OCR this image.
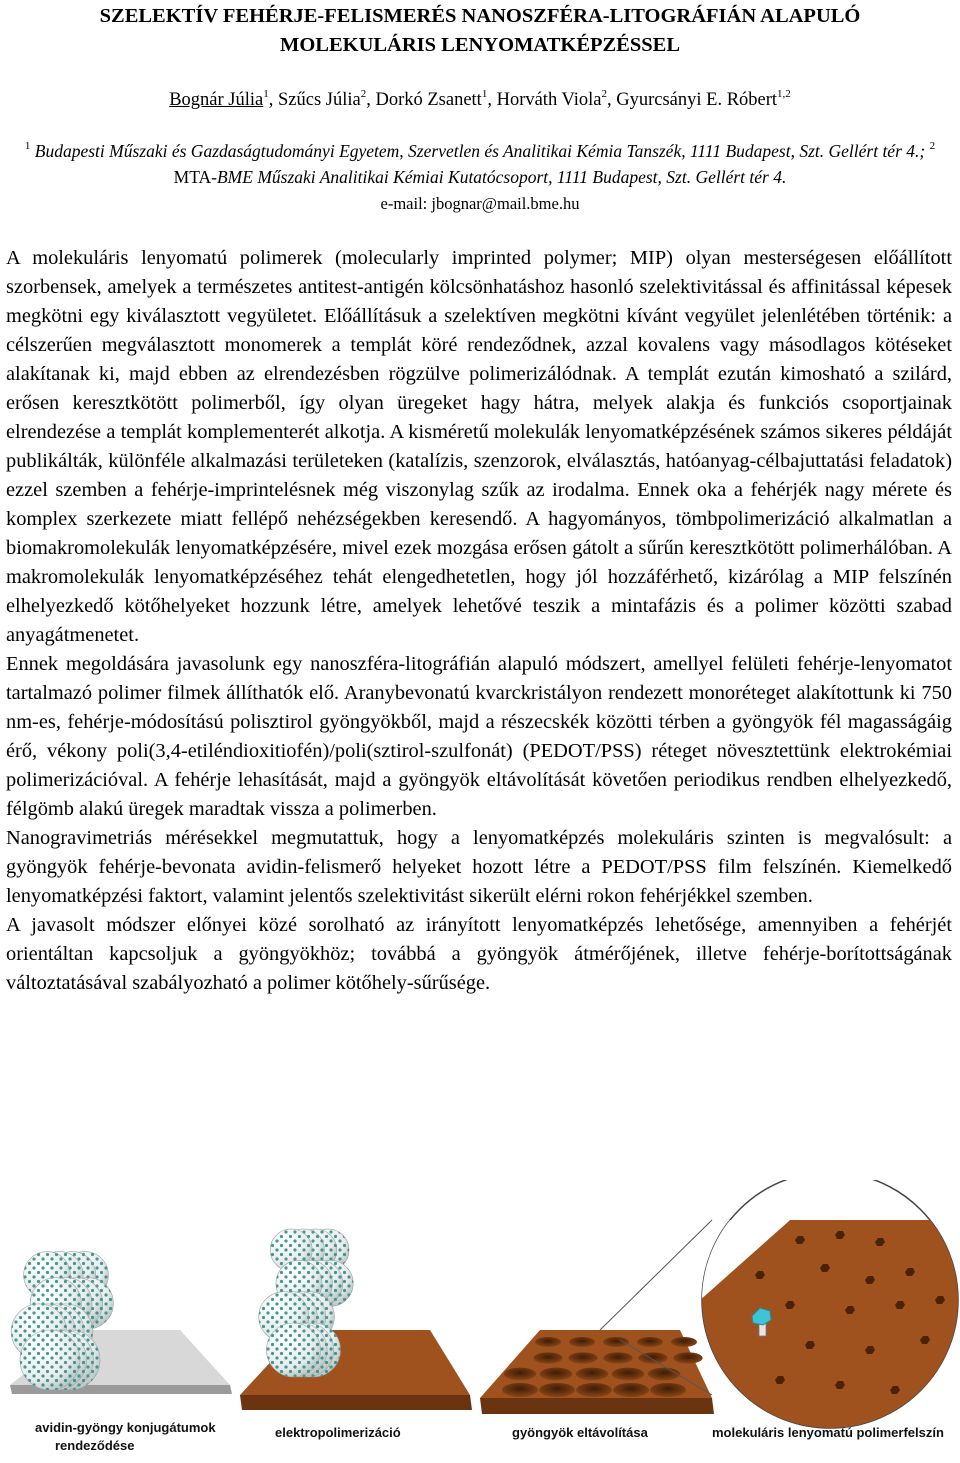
SZELEKTÍV FEHÉRJE-FELISMERÉS NANOSZFÉRA-LITOGRÁFIÁN ALAPULÓ
MOLEKULÁRIS LENYOMATKÉPZÉSSEL
Bognár Júlia$^1$, Szűcs Júlia$^2$, Dorkó Zsanett$^1$, Horváth Viola$^2$, Gyurcsányi E. Róbert$^{1,2}$
$^1$ Budapesti Műszaki és Gazdaságtudományi Egyetem, Szervetlen és Analitikai Kémia Tanszék, 1111 Budapest, Szt. Gellért tér 4.; $^2$ MTA-BME Műszaki Analitikai Kémiai Kutatócsoport, 1111 Budapest, Szt. Gellért tér 4.
e-mail: jbognar@mail.bme.hu

A molekuláris lenyomatú polimerek (molecularly imprinted polymer; MIP) olyan mesterségesen előállított szorbensek, amelyek a természetes antitest-antigén kölcsönhatáshoz hasonló szelektivitással és affinitással képesek megkötni egy kiválasztott vegyületet. Előállításuk a szelektíven megkötni kívánt vegyület jelenlétében történik: a célszerűen megválasztott monomerek a templát köré rendeződnek, azzal kovalens vagy másodlagos kötéseket alakítanak ki, majd ebben az elrendezésben rögzülve polimerizálódnak. A templát ezután kimosható a szilárd, erősen keresztkötött polimerből, így olyan üregeket hagy hátra, melyek alakja és funkciós csoportjainak elrendezése a templát komplementerét alkotja. A kisméretű molekulák lenyomatképzésének számos sikeres példáját publikálták, különféle alkalmazási területeken (katalízis, szenzorok, elválasztás, hatóanyag-célbajuttatási feladatok) ezzel szemben a fehérje-imprintelésnek még viszonylag szűk az irodalma. Ennek oka a fehérjék nagy mérete és komplex szerkezete miatt fellépő nehézségekben keresendő. A hagyományos, tömbpolimerizáció alkalmatlan a biomakromolekulák lenyomatképzésére, mivel ezek mozgása erősen gátolt a sűrűn keresztkötött polimerhálóban. A makromolekulák lenyomatképzéséhez tehát elengedhetetlen, hogy jól hozzáférhető, kizárólag a MIP felszínén elhelyezkedő kötőhelyeket hozzunk létre, amelyek lehetővé teszik a mintafázis és a polimer közötti szabad anyagátmenetet.

Ennek megoldására javasolunk egy nanoszféra-litográfián alapuló módszert, amellyel felületi fehérje-lenyomatot tartalmazó polimer filmek állíthatók elő. Aranybevonatú kvarckristályon rendezett monoréteget alakítottunk ki 750 nm-es, fehérje-módosítású polisztirol gyöngyökből, majd a részecskék közötti térben a gyöngyök fél magasságáig érő, vékony poli(3,4-etiléndioxitiofén)/poli(sztirol-szulfonát) (PEDOT/PSS) réteget növesztettünk elektrokémiai polimerizációval. A fehérje lehasítását, majd a gyöngyök eltávolítását követően periodikus rendben elhelyezkedő, félgömb alakú üregek maradtak vissza a polimerben.

Nanogravimetriás mérésekkel megmutattuk, hogy a lenyomatképzés molekuláris szinten is megvalósult: a gyöngyök fehérje-bevonata avidin-felismerő helyeket hozott létre a PEDOT/PSS film felszínén. Kiemelkedő lenyomatképzési faktort, valamint jelentős szelektivitást sikerült elérni rokon fehérjékkel szemben.

A javasolt módszer előnyei közé sorolható az irányított lenyomatképzés lehetősége, amennyiben a fehérjét orientáltan kapcsoljuk a gyöngyökhöz; továbbá a gyöngyök átmérőjének, illetve fehérje-borítottságának változtatásával szabályozható a polimer kötőhely-sűrűsége.

avidin-gyöngy konjugátumok
rendeződése
elektropolimerizáció	gyöngyök eltávolítása	molekuláris lenyomatú polimerfelszín
